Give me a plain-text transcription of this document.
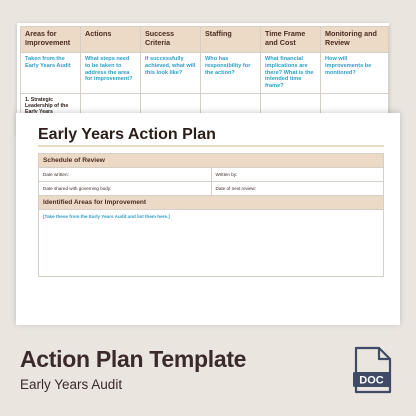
Areas for Improvement	Actions	Success Criteria	Staffing	Time Frame and Cost	Monitoring and Review
Taken from the Early Years Audit	What steps need to be taken to address the area for improvement?	If successfully achieved, what will this look like?	Who has responsibility for the action?	What financial implications are there? What is the intended time frame?	How will improvements be monitored?
1. Strategic Leadership of the					
Early Years Action Plan
Schedule of Review
Date written:	Written by:
Date shared with governing body:	Date of next review:
Identified Areas for Improvement
[Take these from the Early Years Audit and list them here.]
Action Plan Template
Early Years Audit	DOC
